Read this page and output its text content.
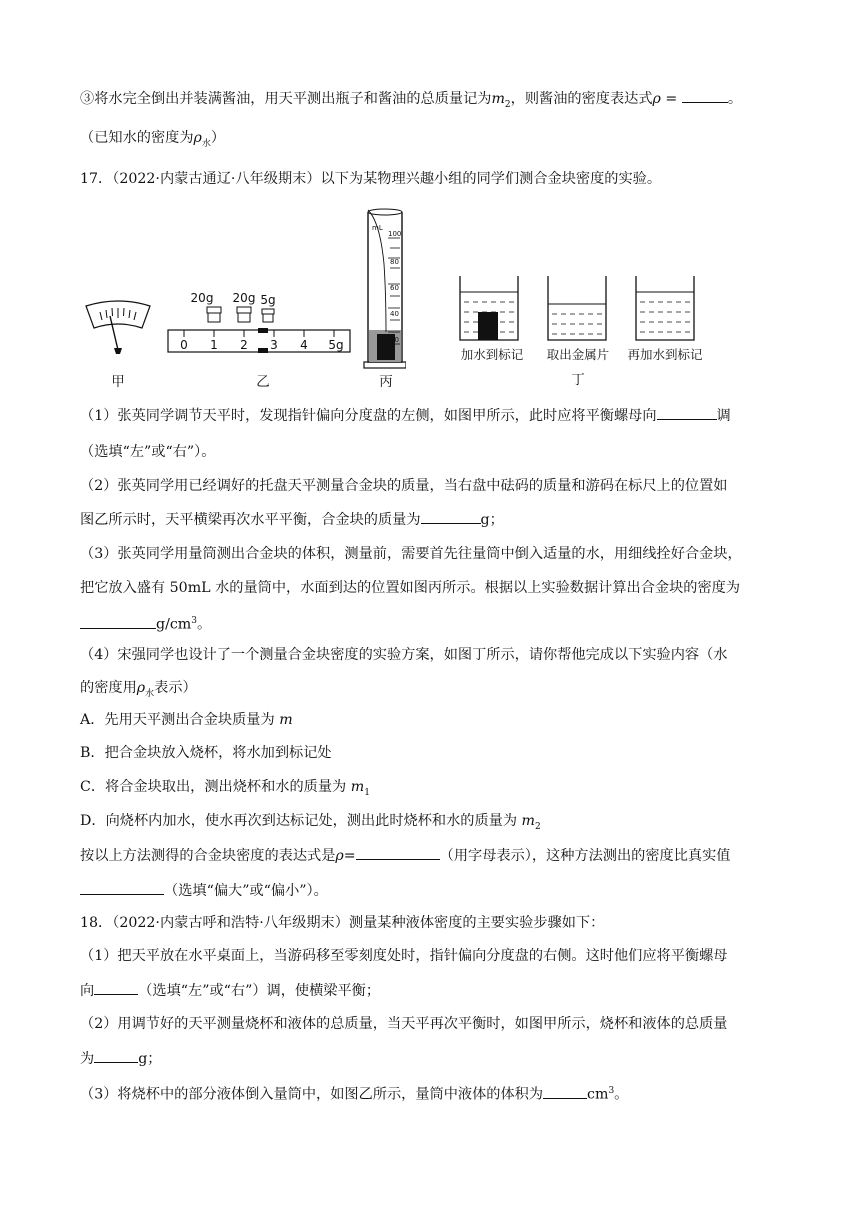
③将水完全倒出并装满酱油，用天平测出瓶子和酱油的总质量记为$m_2$，则酱油的密度表达式ρ =	。
（已知水的密度为$\rho_水$）
17．（2022·内蒙古通辽·八年级期末）以下为某物理兴趣小组的同学们测合金块密度的实验。
甲
20g 20g 5g
0 1 2 3 4 5g
乙
mL
100
80
60
40
20
丙
加水到标记	取出金属片	再加水到标记
丁
（1）张英同学调节天平时，发现指针偏向分度盘的左侧，如图甲所示，此时应将平衡螺母向	调
（选填“左”或“右”）。
（2）张英同学用已经调好的托盘天平测量合金块的质量，当右盘中砝码的质量和游码在标尺上的位置如
图乙所示时，天平横梁再次水平平衡，合金块的质量为	g；
（3）张英同学用量筒测出合金块的体积，测量前，需要首先往量筒中倒入适量的水，用细线拴好合金块，
把它放入盛有 50mL 水的量筒中，水面到达的位置如图丙所示。根据以上实验数据计算出合金块的密度为
$g/cm^3$。
（4）宋强同学也设计了一个测量合金块密度的实验方案，如图丁所示，请你帮他完成以下实验内容（水
的密度用$\rho_水$表示）
A．先用天平测出合金块质量为 m
B．把合金块放入烧杯，将水加到标记处
C．将合金块取出，测出烧杯和水的质量为 $m_1$
D．向烧杯内加水，使水再次到达标记处，测出此时烧杯和水的质量为 $m_2$
按以上方法测得的合金块密度的表达式是ρ=	（用字母表示），这种方法测出的密度比真实值
（选填“偏大”或“偏小”）。
18．（2022·内蒙古呼和浩特·八年级期末）测量某种液体密度的主要实验步骤如下：
（1）把天平放在水平桌面上，当游码移至零刻度处时，指针偏向分度盘的右侧。这时他们应将平衡螺母
向	（选填“左”或“右”）调，使横梁平衡；
（2）用调节好的天平测量烧杯和液体的总质量，当天平再次平衡时，如图甲所示，烧杯和液体的总质量
为	g；
（3）将烧杯中的部分液体倒入量筒中，如图乙所示，量筒中液体的体积为	$cm^3$。
